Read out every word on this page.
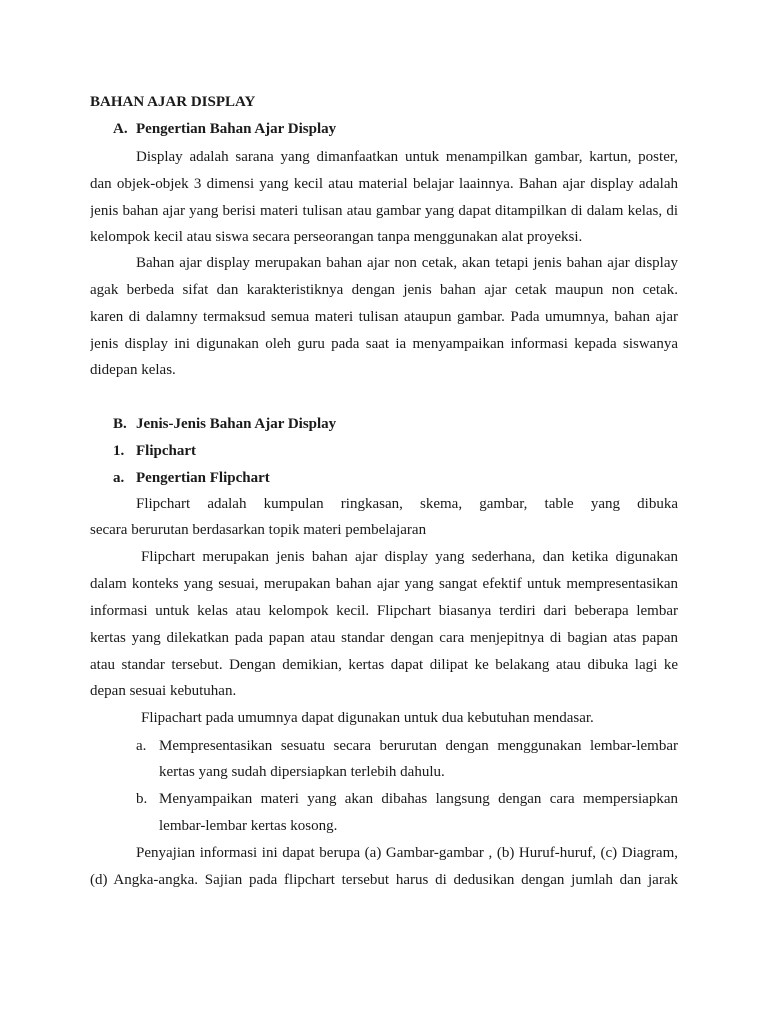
BAHAN AJAR DISPLAY
A. Pengertian Bahan Ajar Display
Display adalah sarana yang dimanfaatkan untuk menampilkan gambar, kartun, poster,
dan objek-objek 3 dimensi yang kecil atau material belajar laainnya. Bahan ajar display adalah
jenis bahan ajar yang berisi materi tulisan atau gambar yang dapat ditampilkan di dalam kelas, di
kelompok kecil atau siswa secara perseorangan tanpa menggunakan alat proyeksi.
Bahan ajar display merupakan bahan ajar non cetak, akan tetapi jenis bahan ajar display
agak berbeda sifat dan karakteristiknya dengan jenis bahan ajar cetak maupun non cetak.
karen di dalamny termaksud semua materi tulisan ataupun gambar. Pada umumnya, bahan ajar
jenis display ini digunakan oleh guru pada saat ia menyampaikan informasi kepada siswanya
didepan kelas.
B. Jenis-Jenis Bahan Ajar Display
1. Flipchart
a. Pengertian Flipchart
Flipchart adalah kumpulan ringkasan, skema, gambar, table yang dibuka
secara berurutan berdasarkan topik materi pembelajaran
Flipchart merupakan jenis bahan ajar display yang sederhana, dan ketika digunakan
dalam konteks yang sesuai, merupakan bahan ajar yang sangat efektif untuk mempresentasikan
informasi untuk kelas atau kelompok kecil. Flipchart biasanya terdiri dari beberapa lembar
kertas yang dilekatkan pada papan atau standar dengan cara menjepitnya di bagian atas papan
atau standar tersebut. Dengan demikian, kertas dapat dilipat ke belakang atau dibuka lagi ke
depan sesuai kebutuhan.
Flipachart pada umumnya dapat digunakan untuk dua kebutuhan mendasar.
a. Mempresentasikan sesuatu secara berurutan dengan menggunakan lembar-lembar
kertas yang sudah dipersiapkan terlebih dahulu.
b. Menyampaikan materi yang akan dibahas langsung dengan cara mempersiapkan
lembar-lembar kertas kosong.
Penyajian informasi ini dapat berupa (a) Gambar-gambar , (b) Huruf-huruf, (c) Diagram,
(d) Angka-angka. Sajian pada flipchart tersebut harus di dedusikan dengan jumlah dan jarak
